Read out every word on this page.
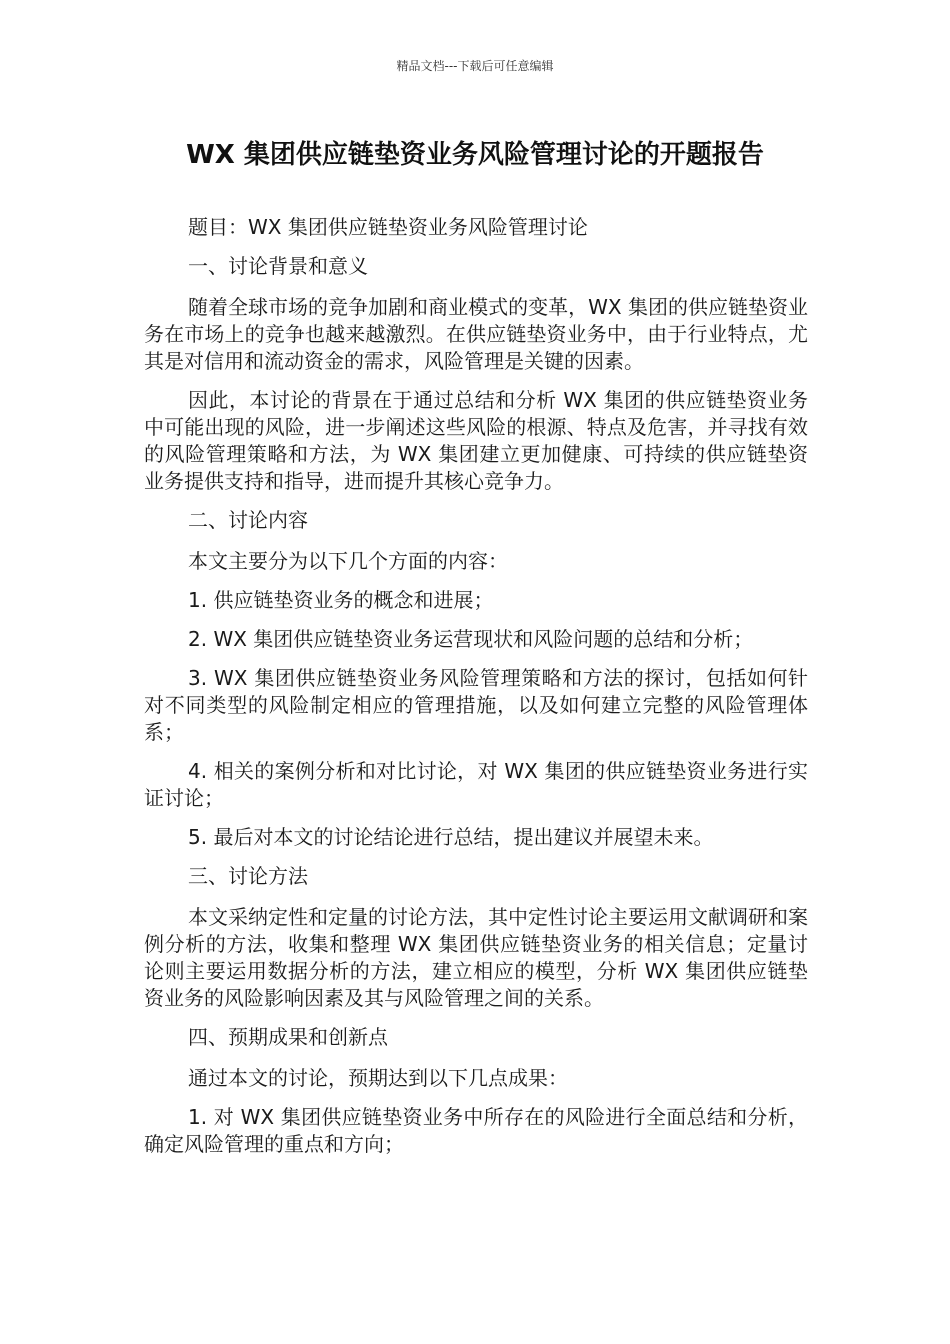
精品文档---下载后可任意编辑
WX 集团供应链垫资业务风险管理讨论的开题报告

题目：WX 集团供应链垫资业务风险管理讨论

一、讨论背景和意义

随着全球市场的竞争加剧和商业模式的变革，WX 集团的供应链垫资业务在市场上的竞争也越来越激烈。在供应链垫资业务中，由于行业特点，尤其是对信用和流动资金的需求，风险管理是关键的因素。

因此，本讨论的背景在于通过总结和分析 WX 集团的供应链垫资业务中可能出现的风险，进一步阐述这些风险的根源、特点及危害，并寻找有效的风险管理策略和方法，为 WX 集团建立更加健康、可持续的供应链垫资业务提供支持和指导，进而提升其核心竞争力。

二、讨论内容

本文主要分为以下几个方面的内容：

1. 供应链垫资业务的概念和进展；

2. WX 集团供应链垫资业务运营现状和风险问题的总结和分析；

3. WX 集团供应链垫资业务风险管理策略和方法的探讨，包括如何针对不同类型的风险制定相应的管理措施，以及如何建立完整的风险管理体系；

4. 相关的案例分析和对比讨论，对 WX 集团的供应链垫资业务进行实证讨论；

5. 最后对本文的讨论结论进行总结，提出建议并展望未来。

三、讨论方法

本文采纳定性和定量的讨论方法，其中定性讨论主要运用文献调研和案例分析的方法，收集和整理 WX 集团供应链垫资业务的相关信息；定量讨论则主要运用数据分析的方法，建立相应的模型，分析 WX 集团供应链垫资业务的风险影响因素及其与风险管理之间的关系。

四、预期成果和创新点

通过本文的讨论，预期达到以下几点成果：

1. 对 WX 集团供应链垫资业务中所存在的风险进行全面总结和分析，确定风险管理的重点和方向；
